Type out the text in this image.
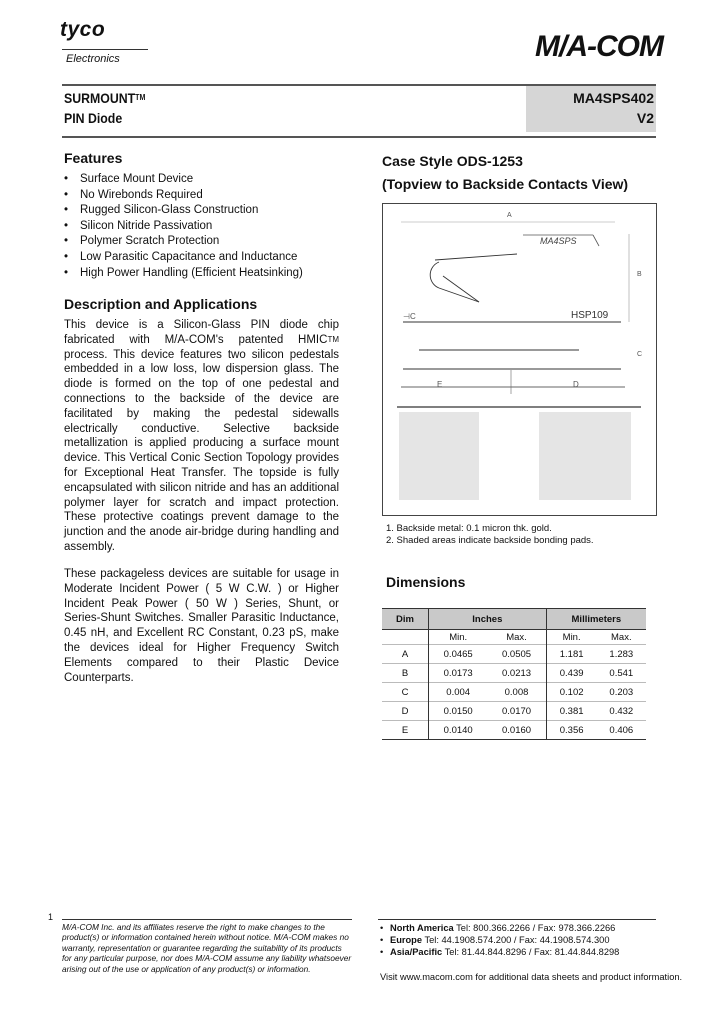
tyco
Electronics	M/A-COM
SURMOUNT™
PIN Diode
MA4SPS402
V2
Features
• Surface Mount Device
• No Wirebonds Required
• Rugged Silicon-Glass Construction
• Silicon Nitride Passivation
• Polymer Scratch Protection
• Low Parasitic Capacitance and Inductance
• High Power Handling (Efficient Heatsinking)
Description and Applications
This device is a Silicon-Glass PIN diode chip fabricated with M/A-COM's patented HMIC™ process. This device features two silicon pedestals embedded in a low loss, low dispersion glass. The diode is formed on the top of one pedestal and connections to the backside of the device are facilitated by making the pedestal sidewalls electrically conductive. Selective backside metallization is applied producing a surface mount device. This Vertical Conic Section Topology provides for Exceptional Heat Transfer. The topside is fully encapsulated with silicon nitride and has an additional polymer layer for scratch and impact protection. These protective coatings prevent damage to the junction and the anode air-bridge during handling and assembly.
These packageless devices are suitable for usage in Moderate Incident Power ( 5 W C.W. ) or Higher Incident Peak Power ( 50 W ) Series, Shunt, or Series-Shunt Switches. Smaller Parasitic Inductance, 0.45 nH, and Excellent RC Constant, 0.23 pS, make the devices ideal for Higher Frequency Switch Elements compared to their Plastic Device Counterparts.
Case Style ODS-1253
(Topview to Backside Contacts View)
A
B
MA4SPS
⊣C	HSP109
E	D
C
1. Backside metal: 0.1 micron thk. gold.
2. Shaded areas indicate backside bonding pads.
Dimensions
Dim	Inches		Millimeters	
	Min.	Max.	Min.	Max.
A	0.0465	0.0505	1.181	1.283
B	0.0173	0.0213	0.439	0.541
C	0.004	0.008	0.102	0.203
D	0.0150	0.0170	0.381	0.432
E	0.0140	0.0160	0.356	0.406
1
M/A-COM Inc. and its affiliates reserve the right to make changes to the product(s) or information contained herein without notice. M/A-COM makes no warranty, representation or guarantee regarding the suitability of its products for any particular purpose, nor does M/A-COM assume any liability whatsoever arising out of the use or application of any product(s) or information.
• North America Tel: 800.366.2266 / Fax: 978.366.2266
• Europe Tel: 44.1908.574.200 / Fax: 44.1908.574.300
• Asia/Pacific Tel: 81.44.844.8296 / Fax: 81.44.844.8298
Visit www.macom.com for additional data sheets and product information.
